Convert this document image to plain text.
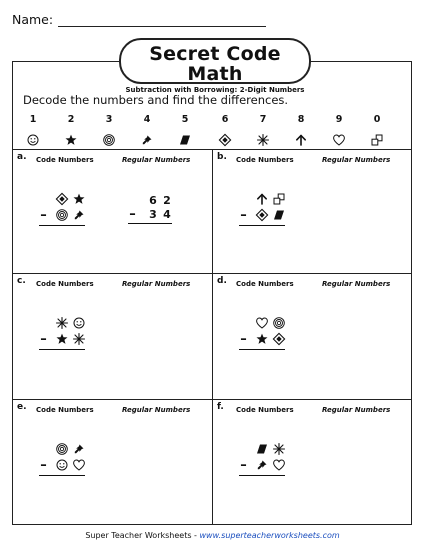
Name:
Secret Code Math
Subtraction with Borrowing: 2-Digit Numbers
Decode the numbers and find the differences.
1	2	3	4	5	6	7	8	9	0
a. Code Numbers	Regular Numbers
–
6 2
– 3 4
b. Code Numbers	Regular Numbers
–
c. Code Numbers	Regular Numbers
–
d. Code Numbers	Regular Numbers
–
e. Code Numbers	Regular Numbers
–
f. Code Numbers	Regular Numbers
–
Super Teacher Worksheets - www.superteacherworksheets.com
